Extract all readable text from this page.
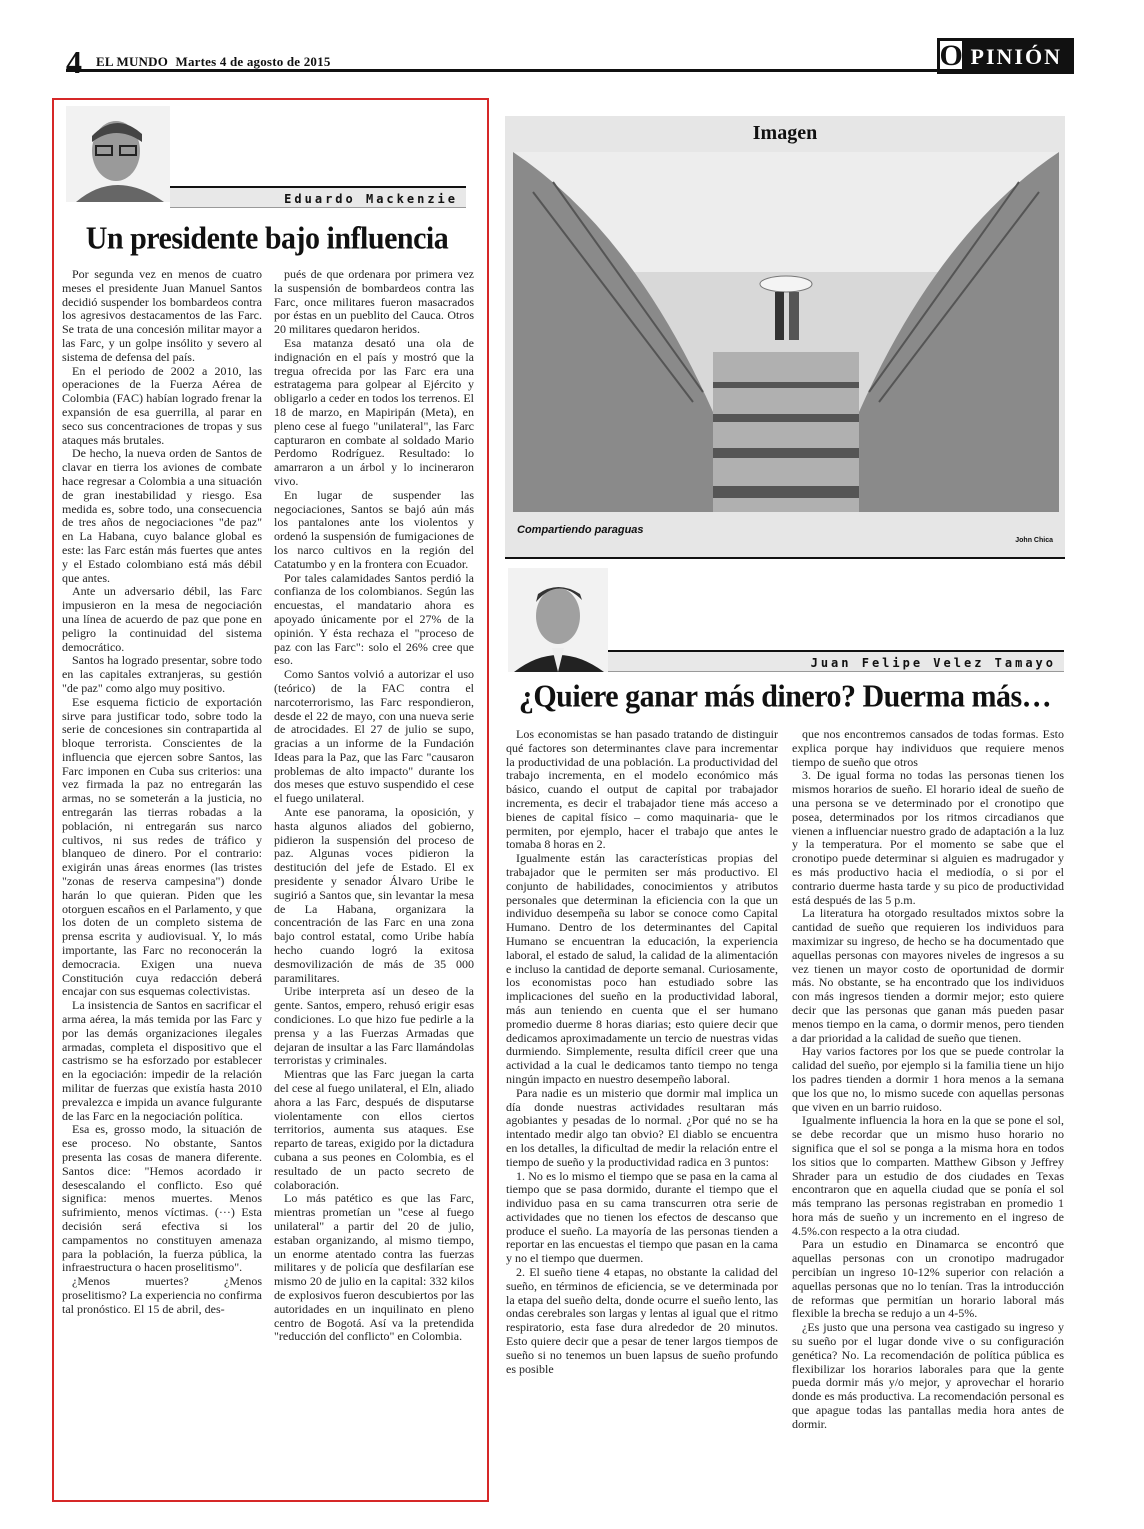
4 EL MUNDO Martes 4 de agosto de 2015	O PINIÓN
Eduardo Mackenzie
Un presidente bajo influencia

Por segunda vez en menos de cuatro meses el presidente Juan Manuel Santos decidió suspender los bombardeos contra los agresivos destacamentos de las Farc. Se trata de una concesión militar mayor a las Farc, y un golpe insólito y severo al sistema de defensa del país.

En el periodo de 2002 a 2010, las operaciones de la Fuerza Aérea de Colombia (FAC) habían logrado frenar la expansión de esa guerrilla, al parar en seco sus concentraciones de tropas y sus ataques más brutales.

De hecho, la nueva orden de Santos de clavar en tierra los aviones de combate hace regresar a Colombia a una situación de gran inestabilidad y riesgo. Esa medida es, sobre todo, una consecuencia de tres años de negociaciones "de paz" en La Habana, cuyo balance global es este: las Farc están más fuertes que antes y el Estado colombiano está más débil que antes.

Ante un adversario débil, las Farc impusieron en la mesa de negociación una línea de acuerdo de paz que pone en peligro la continuidad del sistema democrático.

Santos ha logrado presentar, sobre todo en las capitales extranjeras, su gestión "de paz" como algo muy positivo.

Ese esquema ficticio de exportación sirve para justificar todo, sobre todo la serie de concesiones sin contrapartida al bloque terrorista. Conscientes de la influencia que ejercen sobre Santos, las Farc imponen en Cuba sus criterios: una vez firmada la paz no entregarán las armas, no se someterán a la justicia, no entregarán las tierras robadas a la población, ni entregarán sus narco cultivos, ni sus redes de tráfico y blanqueo de dinero. Por el contrario: exigirán unas áreas enormes (las tristes "zonas de reserva campesina") donde harán lo que quieran. Piden que les otorguen escaños en el Parlamento, y que los doten de un completo sistema de prensa escrita y audiovisual. Y, lo más importante, las Farc no reconocerán la democracia. Exigen una nueva Constitución cuya redacción deberá encajar con sus esquemas colectivistas.

La insistencia de Santos en sacrificar el arma aérea, la más temida por las Farc y por las demás organizaciones ilegales armadas, completa el dispositivo que el castrismo se ha esforzado por establecer en la egociación: impedir de la relación militar de fuerzas que existía hasta 2010 prevalezca e impida un avance fulgurante de las Farc en la negociación política.

Esa es, grosso modo, la situación de ese proceso. No obstante, Santos presenta las cosas de manera diferente. Santos dice: "Hemos acordado ir desescalando el conflicto. Eso qué significa: menos muertes. Menos sufrimiento, menos víctimas. (···) Esta decisión será efectiva si los campamentos no constituyen amenaza para la población, la fuerza pública, la infraestructura o hacen proselitismo".

¿Menos muertes? ¿Menos proselitismo? La experiencia no confirma tal pronóstico. El 15 de abril, des-

pués de que ordenara por primera vez la suspensión de bombardeos contra las Farc, once militares fueron masacrados por éstas en un pueblito del Cauca. Otros 20 militares quedaron heridos.

Esa matanza desató una ola de indignación en el país y mostró que la tregua ofrecida por las Farc era una estratagema para golpear al Ejército y obligarlo a ceder en todos los terrenos. El 18 de marzo, en Mapiripán (Meta), en pleno cese al fuego "unilateral", las Farc capturaron en combate al soldado Mario Perdomo Rodríguez. Resultado: lo amarraron a un árbol y lo incineraron vivo.

En lugar de suspender las negociaciones, Santos se bajó aún más los pantalones ante los violentos y ordenó la suspensión de fumigaciones de los narco cultivos en la región del Catatumbo y en la frontera con Ecuador.

Por tales calamidades Santos perdió la confianza de los colombianos. Según las encuestas, el mandatario ahora es apoyado únicamente por el 27% de la opinión. Y ésta rechaza el "proceso de paz con las Farc": solo el 26% cree que eso.

Como Santos volvió a autorizar el uso (teórico) de la FAC contra el narcoterrorismo, las Farc respondieron, desde el 22 de mayo, con una nueva serie de atrocidades. El 27 de julio se supo, gracias a un informe de la Fundación Ideas para la Paz, que las Farc "causaron problemas de alto impacto" durante los dos meses que estuvo suspendido el cese el fuego unilateral.

Ante ese panorama, la oposición, y hasta algunos aliados del gobierno, pidieron la suspensión del proceso de paz. Algunas voces pidieron la destitución del jefe de Estado. El ex presidente y senador Álvaro Uribe le sugirió a Santos que, sin levantar la mesa de La Habana, organizara la concentración de las Farc en una zona bajo control estatal, como Uribe había hecho cuando logró la exitosa desmovilización de más de 35 000 paramilitares.

Uribe interpreta así un deseo de la gente. Santos, empero, rehusó erigir esas condiciones. Lo que hizo fue pedirle a la prensa y a las Fuerzas Armadas que dejaran de insultar a las Farc llamándolas terroristas y criminales.

Mientras que las Farc juegan la carta del cese al fuego unilateral, el Eln, aliado ahora a las Farc, después de disputarse violentamente con ellos ciertos territorios, aumenta sus ataques. Ese reparto de tareas, exigido por la dictadura cubana a sus peones en Colombia, es el resultado de un pacto secreto de colaboración.

Lo más patético es que las Farc, mientras prometían un "cese al fuego unilateral" a partir del 20 de julio, estaban organizando, al mismo tiempo, un enorme atentado contra las fuerzas militares y de policía que desfilarían ese mismo 20 de julio en la capital: 332 kilos de explosivos fueron descubiertos por las autoridades en un inquilinato en pleno centro de Bogotá. Así va la pretendida "reducción del conflicto" en Colombia.

Imagen
Compartiendo paraguas
John Chica
Juan Felipe Velez Tamayo
¿Quiere ganar más dinero? Duerma más…

Los economistas se han pasado tratando de distinguir qué factores son determinantes clave para incrementar la productividad de una población. La productividad del trabajo incrementa, en el modelo económico más básico, cuando el output de capital por trabajador incrementa, es decir el trabajador tiene más acceso a bienes de capital físico – como maquinaria- que le permiten, por ejemplo, hacer el trabajo que antes le tomaba 8 horas en 2.

Igualmente están las características propias del trabajador que le permiten ser más productivo. El conjunto de habilidades, conocimientos y atributos personales que determinan la eficiencia con la que un individuo desempeña su labor se conoce como Capital Humano. Dentro de los determinantes del Capital Humano se encuentran la educación, la experiencia laboral, el estado de salud, la calidad de la alimentación e incluso la cantidad de deporte semanal. Curiosamente, los economistas poco han estudiado sobre las implicaciones del sueño en la productividad laboral, más aun teniendo en cuenta que el ser humano promedio duerme 8 horas diarias; esto quiere decir que dedicamos aproximadamente un tercio de nuestras vidas durmiendo. Simplemente, resulta difícil creer que una actividad a la cual le dedicamos tanto tiempo no tenga ningún impacto en nuestro desempeño laboral.

Para nadie es un misterio que dormir mal implica un día donde nuestras actividades resultaran más agobiantes y pesadas de lo normal. ¿Por qué no se ha intentado medir algo tan obvio? El diablo se encuentra en los detalles, la dificultad de medir la relación entre el tiempo de sueño y la productividad radica en 3 puntos:

1. No es lo mismo el tiempo que se pasa en la cama al tiempo que se pasa dormido, durante el tiempo que el individuo pasa en su cama transcurren otra serie de actividades que no tienen los efectos de descanso que produce el sueño. La mayoría de las personas tienden a reportar en las encuestas el tiempo que pasan en la cama y no el tiempo que duermen.

2. El sueño tiene 4 etapas, no obstante la calidad del sueño, en términos de eficiencia, se ve determinada por la etapa del sueño delta, donde ocurre el sueño lento, las ondas cerebrales son largas y lentas al igual que el ritmo respiratorio, esta fase dura alrededor de 20 minutos. Esto quiere decir que a pesar de tener largos tiempos de sueño si no tenemos un buen lapsus de sueño profundo es posible

que nos encontremos cansados de todas formas. Esto explica porque hay individuos que requiere menos tiempo de sueño que otros

3. De igual forma no todas las personas tienen los mismos horarios de sueño. El horario ideal de sueño de una persona se ve determinado por el cronotipo que posea, determinados por los ritmos circadianos que vienen a influenciar nuestro grado de adaptación a la luz y la temperatura. Por el momento se sabe que el cronotipo puede determinar si alguien es madrugador y es más productivo hacia el mediodía, o si por el contrario duerme hasta tarde y su pico de productividad está después de las 5 p.m.

La literatura ha otorgado resultados mixtos sobre la cantidad de sueño que requieren los individuos para maximizar su ingreso, de hecho se ha documentado que aquellas personas con mayores niveles de ingresos a su vez tienen un mayor costo de oportunidad de dormir más. No obstante, se ha encontrado que los individuos con más ingresos tienden a dormir mejor; esto quiere decir que las personas que ganan más pueden pasar menos tiempo en la cama, o dormir menos, pero tienden a dar prioridad a la calidad de sueño que tienen.

Hay varios factores por los que se puede controlar la calidad del sueño, por ejemplo si la familia tiene un hijo los padres tienden a dormir 1 hora menos a la semana que los que no, lo mismo sucede con aquellas personas que viven en un barrio ruidoso.

Igualmente influencia la hora en la que se pone el sol, se debe recordar que un mismo huso horario no significa que el sol se ponga a la misma hora en todos los sitios que lo comparten. Matthew Gibson y Jeffrey Shrader para un estudio de dos ciudades en Texas encontraron que en aquella ciudad que se ponía el sol más temprano las personas registraban en promedio 1 hora más de sueño y un incremento en el ingreso de 4.5%.con respecto a la otra ciudad.

Para un estudio en Dinamarca se encontró que aquellas personas con un cronotipo madrugador percibían un ingreso 10-12% superior con relación a aquellas personas que no lo tenían. Tras la introducción de reformas que permitían un horario laboral más flexible la brecha se redujo a un 4-5%.

¿Es justo que una persona vea castigado su ingreso y su sueño por el lugar donde vive o su configuración genética? No. La recomendación de política pública es flexibilizar los horarios laborales para que la gente pueda dormir más y/o mejor, y aprovechar el horario donde es más productiva. La recomendación personal es que apague todas las pantallas media hora antes de dormir.
